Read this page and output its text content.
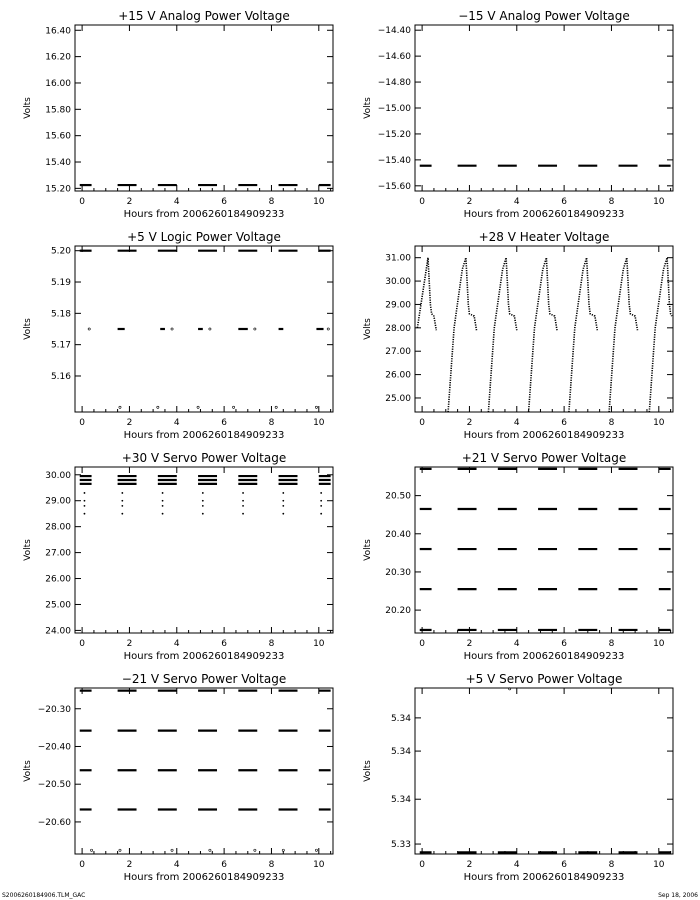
+15 V Analog Power Voltage
0	2	4	6	8	10
15.20
15.40
15.60
15.80
16.00
16.20
16.40
Hours from 2006260184909233
Volts
−15 V Analog Power Voltage
0	2	4	6	8	10
−15.60
−15.40
−15.20
−15.00
−14.80
−14.60
−14.40
Hours from 2006260184909233
Volts
+5 V Logic Power Voltage
0	2	4	6	8	10
5.16
5.17
5.18
5.19
5.20
Hours from 2006260184909233
Volts
+28 V Heater Voltage
0	2	4	6	8	10
25.00
26.00
27.00
28.00
29.00
30.00
31.00
Hours from 2006260184909233
Volts
+30 V Servo Power Voltage
0	2	4	6	8	10
24.00
25.00
26.00
27.00
28.00
29.00
30.00
Hours from 2006260184909233
Volts
+21 V Servo Power Voltage
0	2	4	6	8	10
20.20
20.30
20.40
20.50
Hours from 2006260184909233
Volts
−21 V Servo Power Voltage
0	2	4	6	8	10
−20.60
−20.50
−20.40
−20.30
Hours from 2006260184909233
Volts
+5 V Servo Power Voltage
0	2	4	6	8	10
5.33
5.34
5.34
5.34
Hours from 2006260184909233
Volts
S2006260184906.TLM_GAC	Sep 18, 2006
